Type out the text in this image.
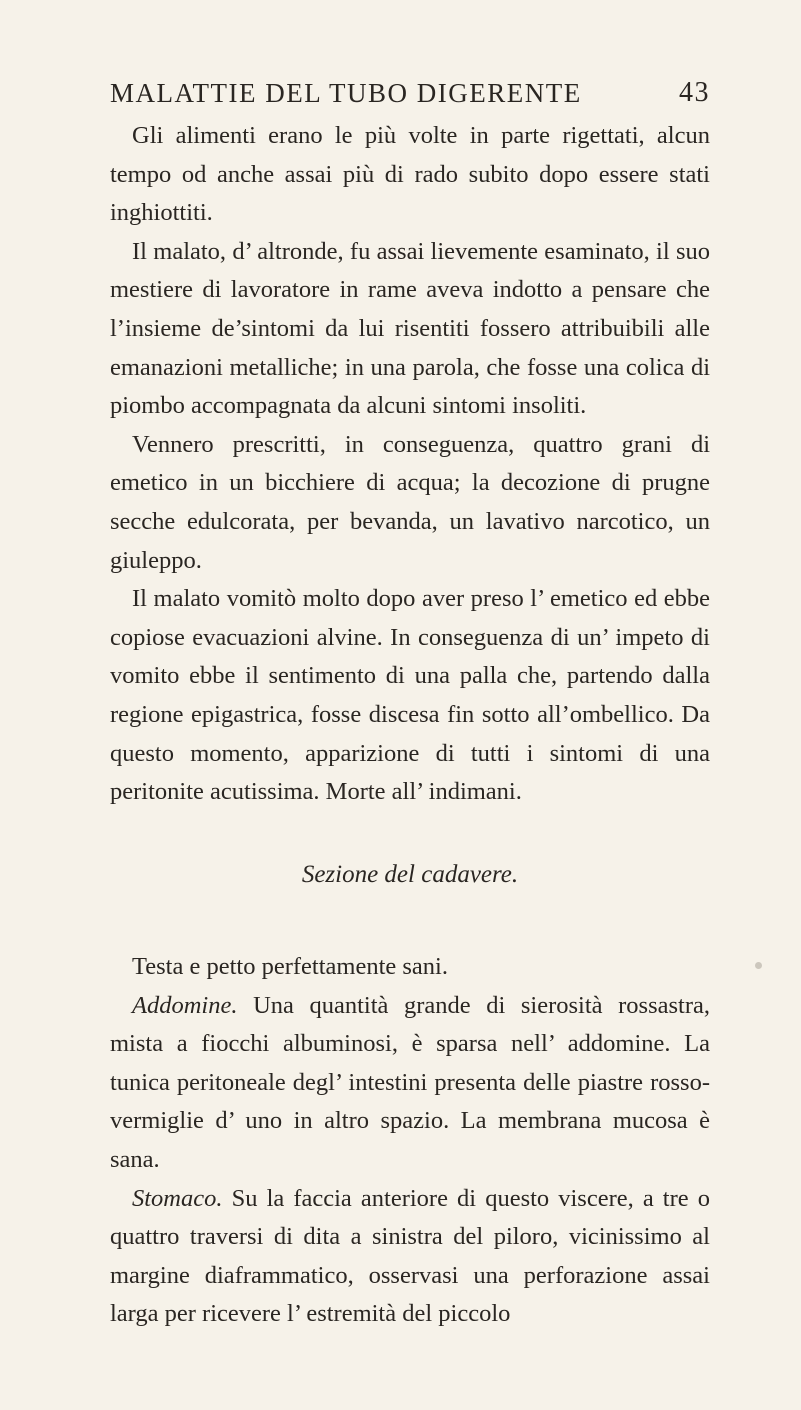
MALATTIE DEL TUBO DIGERENTE	43

Gli alimenti erano le più volte in parte rigettati, alcun tempo od anche assai più di rado subito dopo essere stati inghiottiti.

Il malato, d’ altronde, fu assai lievemente esaminato, il suo mestiere di lavoratore in rame aveva indotto a pensare che l’insieme de’sintomi da lui risentiti fossero attribuibili alle emanazioni metalliche; in una parola, che fosse una colica di piombo accompagnata da alcuni sintomi insoliti.

Vennero prescritti, in conseguenza, quattro grani di emetico in un bicchiere di acqua; la decozione di prugne secche edulcorata, per bevanda, un lavativo narcotico, un giuleppo.

Il malato vomitò molto dopo aver preso l’ emetico ed ebbe copiose evacuazioni alvine. In conseguenza di un’ impeto di vomito ebbe il sentimento di una palla che, partendo dalla regione epigastrica, fosse discesa fin sotto all’ombellico. Da questo momento, apparizione di tutti i sintomi di una peritonite acutissima. Morte all’ indimani.

Sezione del cadavere.

Testa e petto perfettamente sani.

Addomine. Una quantità grande di sierosità rossastra, mista a fiocchi albuminosi, è sparsa nell’ addomine. La tunica peritoneale degl’ intestini presenta delle piastre rosso-vermiglie d’ uno in altro spazio. La membrana mucosa è sana.

Stomaco. Su la faccia anteriore di questo viscere, a tre o quattro traversi di dita a sinistra del piloro, vicinissimo al margine diaframmatico, osservasi una perforazione assai larga per ricevere l’ estremità del piccolo
